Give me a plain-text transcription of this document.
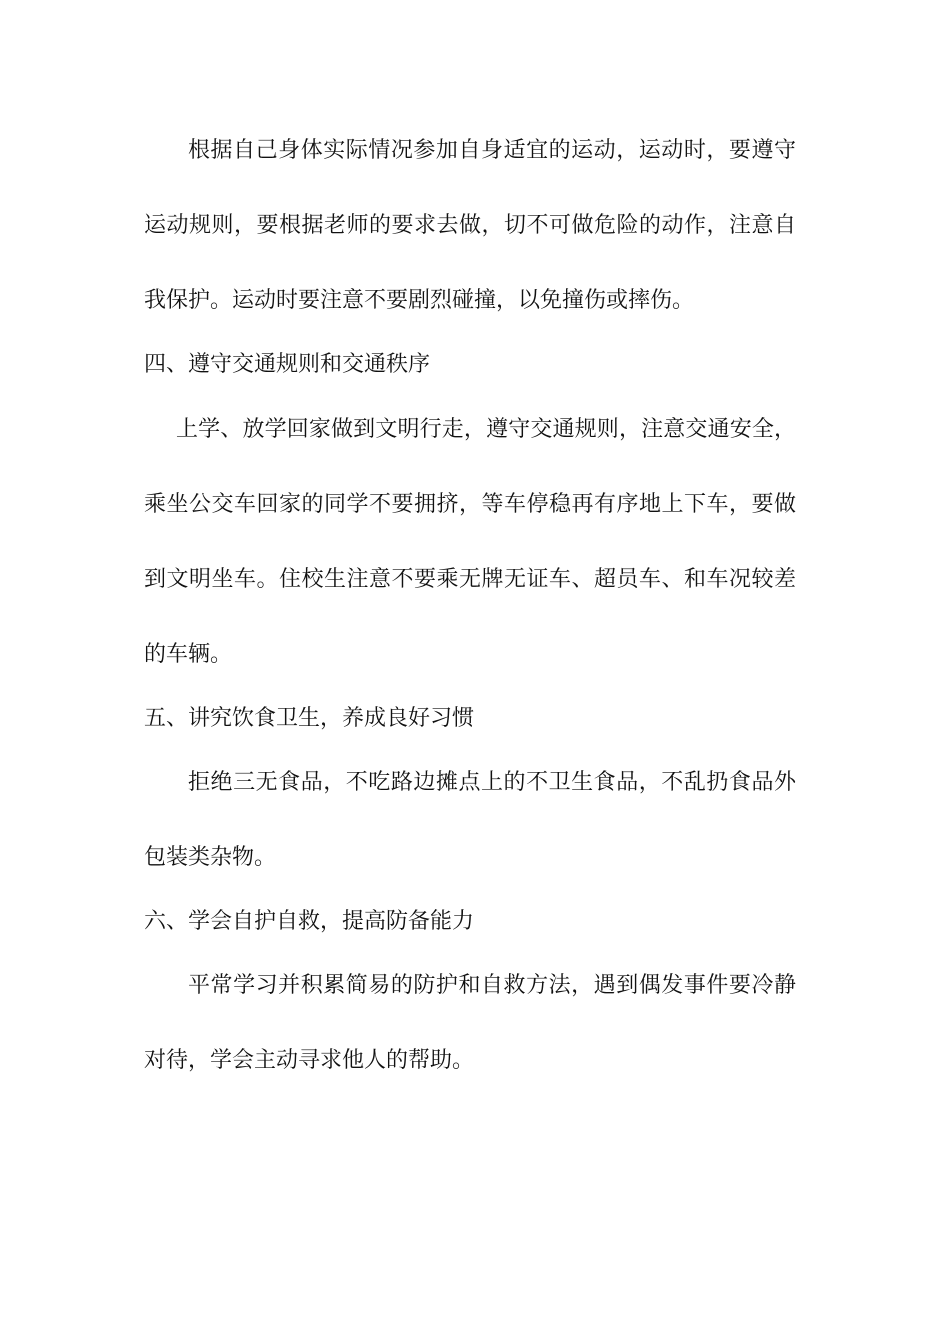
根据自己身体实际情况参加自身适宜的运动，运动时，要遵守
运动规则，要根据老师的要求去做，切不可做危险的动作，注意自
我保护。运动时要注意不要剧烈碰撞，以免撞伤或摔伤。
四、遵守交通规则和交通秩序
上学、放学回家做到文明行走，遵守交通规则，注意交通安全，
乘坐公交车回家的同学不要拥挤，等车停稳再有序地上下车，要做
到文明坐车。住校生注意不要乘无牌无证车、超员车、和车况较差
的车辆。
五、讲究饮食卫生，养成良好习惯
拒绝三无食品，不吃路边摊点上的不卫生食品，不乱扔食品外
包装类杂物。
六、学会自护自救，提高防备能力
平常学习并积累简易的防护和自救方法，遇到偶发事件要冷静
对待，学会主动寻求他人的帮助。
